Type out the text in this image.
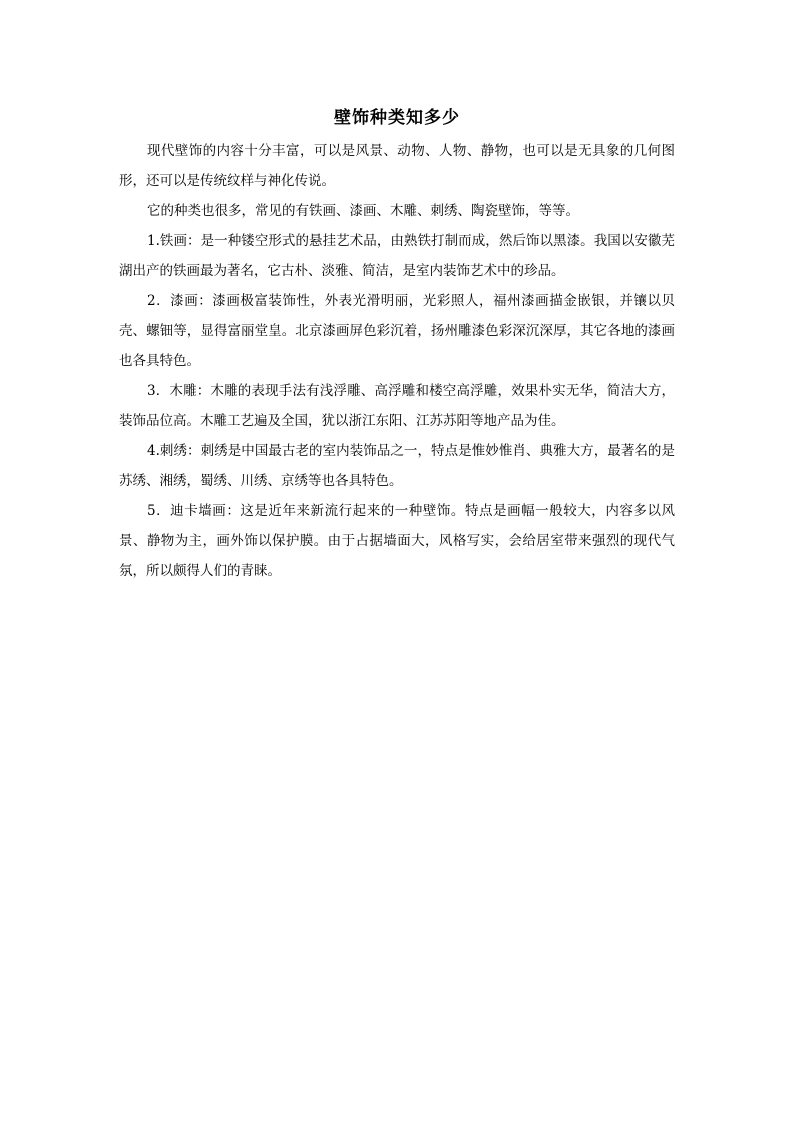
壁饰种类知多少

现代壁饰的内容十分丰富，可以是风景、动物、人物、静物，也可以是无具象的几何图形，还可以是传统纹样与神化传说。

它的种类也很多，常见的有铁画、漆画、木雕、刺绣、陶瓷壁饰，等等。

1.铁画：是一种镂空形式的悬挂艺术品，由熟铁打制而成，然后饰以黑漆。我国以安徽芜湖出产的铁画最为著名，它古朴、淡雅、简洁，是室内装饰艺术中的珍品。

2．漆画：漆画极富装饰性，外表光滑明丽，光彩照人，福州漆画描金嵌银，并镶以贝壳、螺钿等，显得富丽堂皇。北京漆画屏色彩沉着，扬州雕漆色彩深沉深厚，其它各地的漆画也各具特色。

3．木雕：木雕的表现手法有浅浮雕、高浮雕和楼空高浮雕，效果朴实无华，简洁大方，装饰品位高。木雕工艺遍及全国，犹以浙江东阳、江苏苏阳等地产品为佳。

4.刺绣：刺绣是中国最古老的室内装饰品之一，特点是惟妙惟肖、典雅大方，最著名的是苏绣、湘绣，蜀绣、川绣、京绣等也各具特色。

5．迪卡墙画：这是近年来新流行起来的一种壁饰。特点是画幅一般较大，内容多以风景、静物为主，画外饰以保护膜。由于占据墙面大，风格写实，会给居室带来强烈的现代气氛，所以颇得人们的青睐。
